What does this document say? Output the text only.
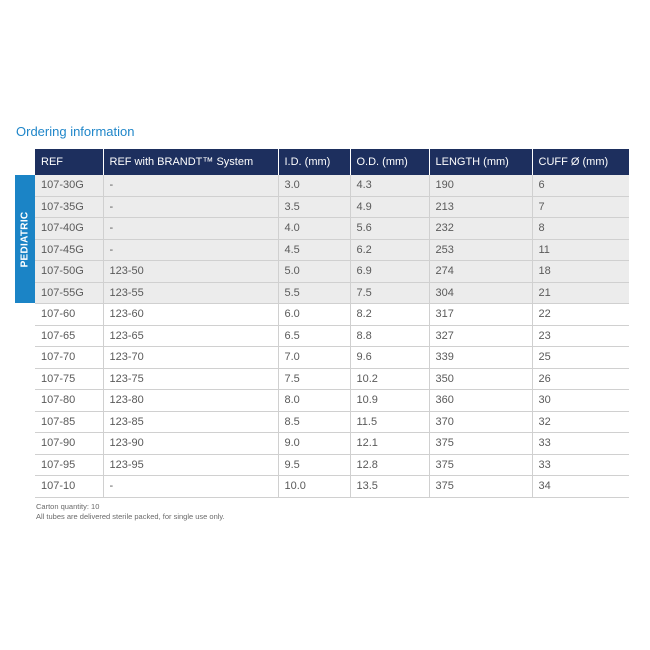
Ordering information
PEDIATRIC
REF	REF with BRANDT™ System	I.D. (mm)	O.D. (mm)	LENGTH (mm)	CUFF Ø (mm)
107-30G	-	3.0	4.3	190	6
107-35G	-	3.5	4.9	213	7
107-40G	-	4.0	5.6	232	8
107-45G	-	4.5	6.2	253	11
107-50G	123-50	5.0	6.9	274	18
107-55G	123-55	5.5	7.5	304	21
107-60	123-60	6.0	8.2	317	22
107-65	123-65	6.5	8.8	327	23
107-70	123-70	7.0	9.6	339	25
107-75	123-75	7.5	10.2	350	26
107-80	123-80	8.0	10.9	360	30
107-85	123-85	8.5	11.5	370	32
107-90	123-90	9.0	12.1	375	33
107-95	123-95	9.5	12.8	375	33
107-10	-	10.0	13.5	375	34
Carton quantity: 10
All tubes are delivered sterile packed, for single use only.
